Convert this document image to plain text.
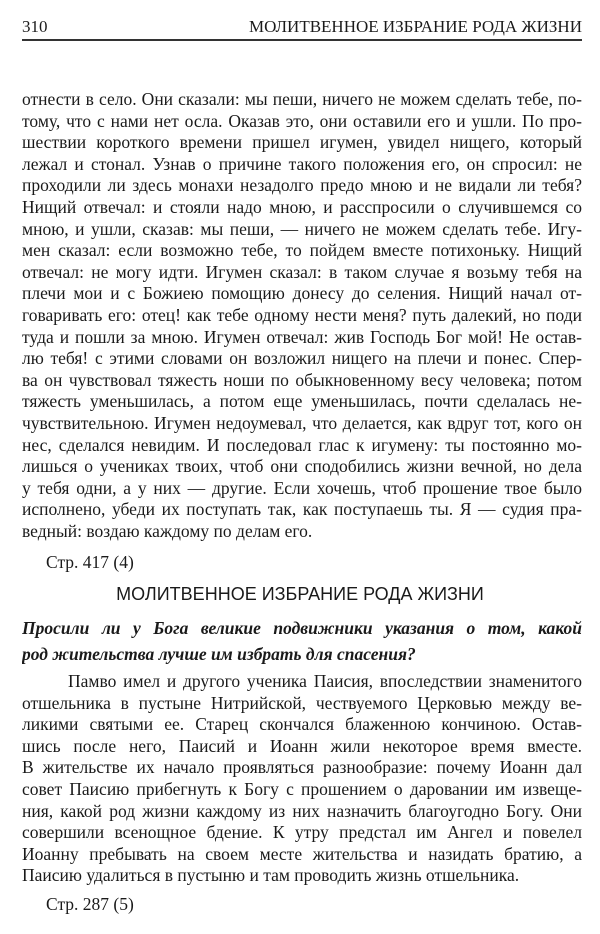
310	МОЛИТВЕННОЕ ИЗБРАНИЕ РОДА ЖИЗНИ
отнести в село. Они сказали: мы пеши, ничего не можем сделать тебе, по-
тому, что с нами нет осла. Оказав это, они оставили его и ушли. По про-
шествии короткого времени пришел игумен, увидел нищего, который
лежал и стонал. Узнав о причине такого положения его, он спросил: не
проходили ли здесь монахи незадолго предо мною и не видали ли тебя?
Нищий отвечал: и стояли надо мною, и расспросили о случившемся со
мною, и ушли, сказав: мы пеши, — ничего не можем сделать тебе. Игу-
мен сказал: если возможно тебе, то пойдем вместе потихоньку. Нищий
отвечал: не могу идти. Игумен сказал: в таком случае я возьму тебя на
плечи мои и с Божиею помощию донесу до селения. Нищий начал от-
говаривать его: отец! как тебе одному нести меня? путь далекий, но поди
туда и пошли за мною. Игумен отвечал: жив Господь Бог мой! Не остав-
лю тебя! с этими словами он возложил нищего на плечи и понес. Спер-
ва он чувствовал тяжесть ноши по обыкновенному весу человека; потом
тяжесть уменьшилась, а потом еще уменьшилась, почти сделалась не-
чувствительною. Игумен недоумевал, что делается, как вдруг тот, кого он
нес, сделался невидим. И последовал глас к игумену: ты постоянно мо-
лишься о учениках твоих, чтоб они сподобились жизни вечной, но дела
у тебя одни, а у них — другие. Если хочешь, чтоб прошение твое было
исполнено, убеди их поступать так, как поступаешь ты. Я — судия пра-
ведный: воздаю каждому по делам его.
Стр. 417 (4)
МОЛИТВЕННОЕ ИЗБРАНИЕ РОДА ЖИЗНИ
Просили ли у Бога великие подвижники указания о том, какой
род жительства лучше им избрать для спасения?
Памво имел и другого ученика Паисия, впоследствии знаменитого
отшельника в пустыне Нитрийской, чествуемого Церковью между ве-
ликими святыми ее. Старец скончался блаженною кончиною. Остав-
шись после него, Паисий и Иоанн жили некоторое время вместе.
В жительстве их начало проявляться разнообразие: почему Иоанн дал
совет Паисию прибегнуть к Богу с прошением о даровании им извеще-
ния, какой род жизни каждому из них назначить благоугодно Богу. Они
совершили всенощное бдение. К утру предстал им Ангел и повелел
Иоанну пребывать на своем месте жительства и назидать братию, а
Паисию удалиться в пустыню и там проводить жизнь отшельника.
Стр. 287 (5)
